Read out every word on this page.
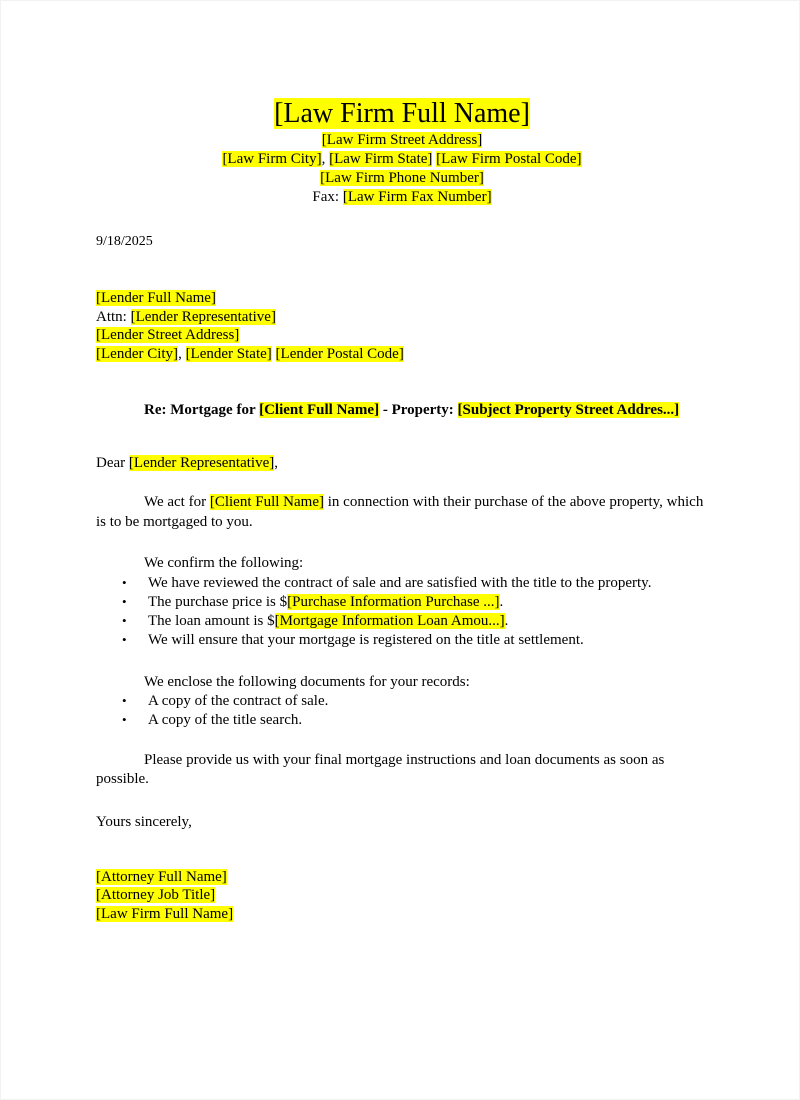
[Law Firm Full Name]
[Law Firm Street Address]
[Law Firm City], [Law Firm State] [Law Firm Postal Code]
[Law Firm Phone Number]
Fax: [Law Firm Fax Number]
9/18/2025
[Lender Full Name]
Attn: [Lender Representative]
[Lender Street Address]
[Lender City], [Lender State] [Lender Postal Code]
Re: Mortgage for [Client Full Name] - Property: [Subject Property Street Addres...]
Dear [Lender Representative],
We act for [Client Full Name] in connection with their purchase of the above property, which is to be mortgaged to you.
We confirm the following:
• We have reviewed the contract of sale and are satisfied with the title to the property.
• The purchase price is $[Purchase Information Purchase ...].
• The loan amount is $[Mortgage Information Loan Amou...].
• We will ensure that your mortgage is registered on the title at settlement.
We enclose the following documents for your records:
• A copy of the contract of sale.
• A copy of the title search.
Please provide us with your final mortgage instructions and loan documents as soon as possible.
Yours sincerely,
[Attorney Full Name]
[Attorney Job Title]
[Law Firm Full Name]
